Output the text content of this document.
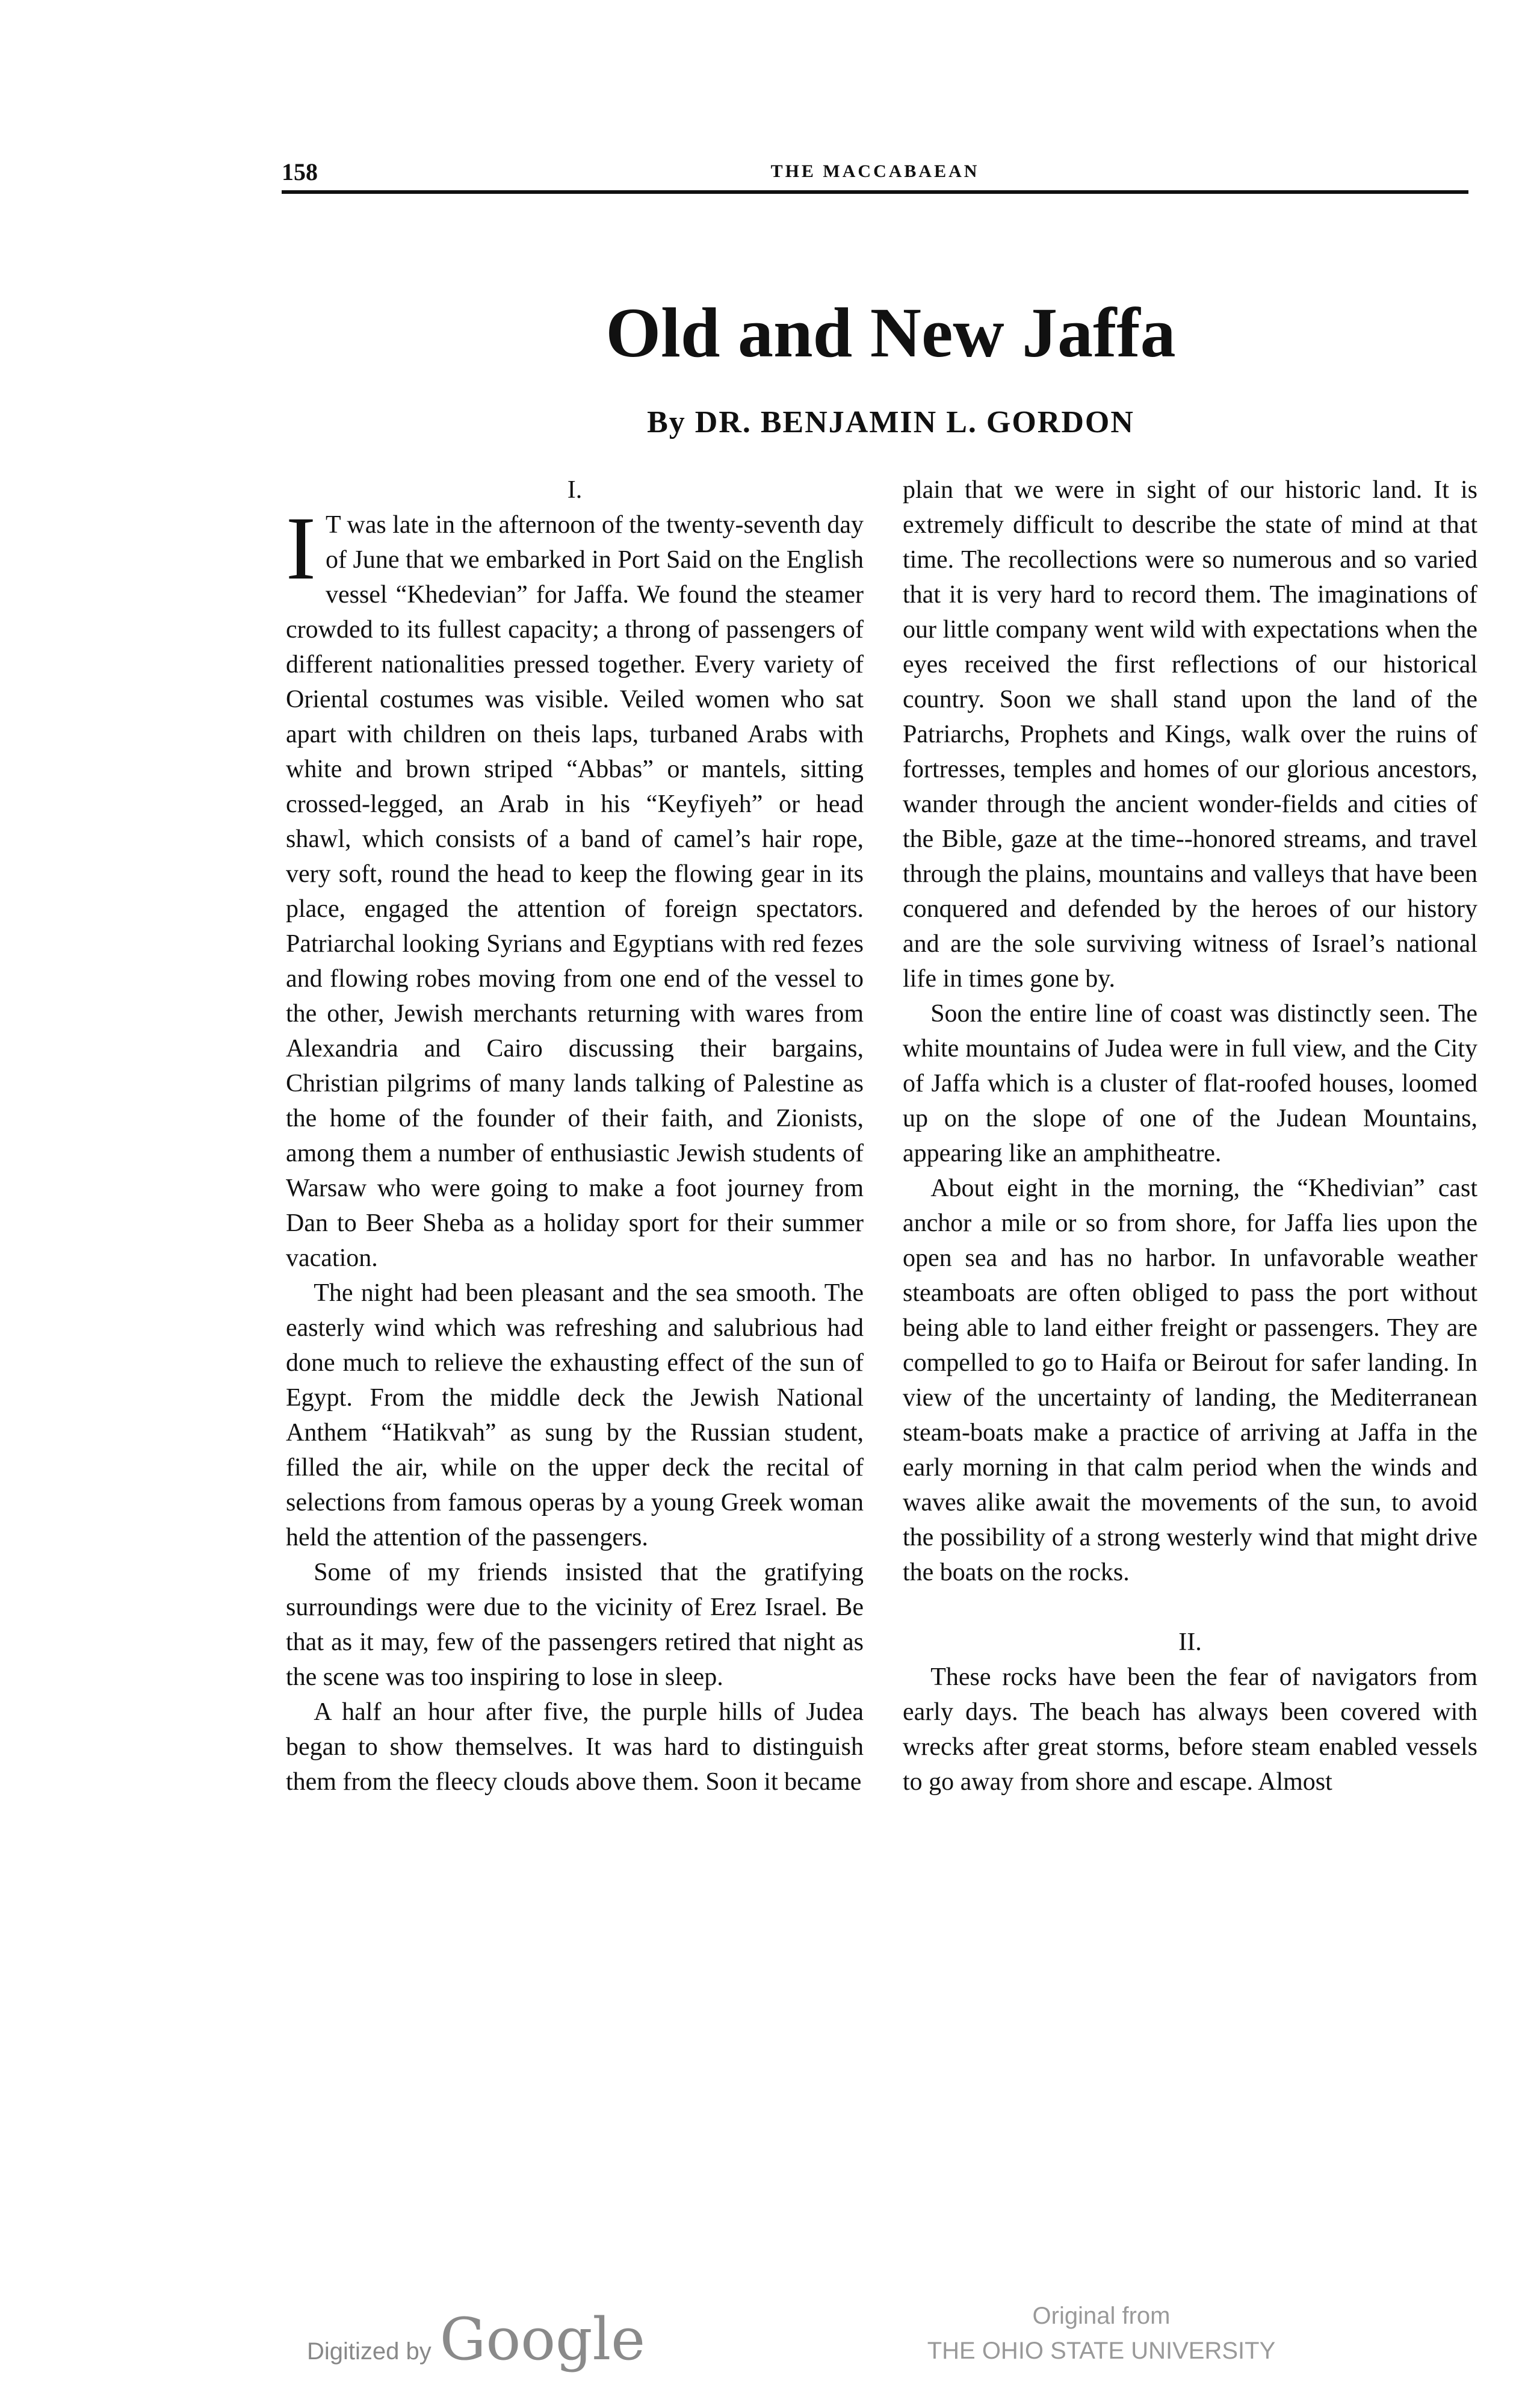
158	THE MACCABAEAN
Old and New Jaffa
By DR. BENJAMIN L. GORDON
I.

I T was late in the afternoon of the twenty-seventh day of June that we embarked in Port Said on the English vessel “Khedevian” for Jaffa. We found the steamer crowded to its fullest capacity; a throng of passengers of different nationalities pressed together. Every variety of Oriental costumes was visible. Veiled women who sat apart with children on theis laps, turbaned Arabs with white and brown striped “Abbas” or mantels, sitting crossed-legged, an Arab in his “Keyfiyeh” or head shawl, which consists of a band of camel’s hair rope, very soft, round the head to keep the flowing gear in its place, engaged the attention of foreign spectators. Patriarchal looking Syrians and Egyptians with red fezes and flowing robes moving from one end of the vessel to the other, Jewish merchants returning with wares from Alexandria and Cairo discussing their bargains, Christian pilgrims of many lands talking of Palestine as the home of the founder of their faith, and Zionists, among them a number of enthusiastic Jewish students of Warsaw who were going to make a foot journey from Dan to Beer Sheba as a holiday sport for their summer vacation.

The night had been pleasant and the sea smooth. The easterly wind which was refreshing and salubrious had done much to relieve the exhausting effect of the sun of Egypt. From the middle deck the Jewish National Anthem “Hatikvah” as sung by the Russian student, filled the air, while on the upper deck the recital of selections from famous operas by a young Greek woman held the attention of the passengers.

Some of my friends insisted that the gratifying surroundings were due to the vicinity of Erez Israel. Be that as it may, few of the passengers retired that night as the scene was too inspiring to lose in sleep.

A half an hour after five, the purple hills of Judea began to show themselves. It was hard to distinguish them from the fleecy clouds above them. Soon it became

plain that we were in sight of our historic land. It is extremely difficult to describe the state of mind at that time. The recollections were so numerous and so varied that it is very hard to record them. The imaginations of our little company went wild with expectations when the eyes received the first reflections of our historical country. Soon we shall stand upon the land of the Patriarchs, Prophets and Kings, walk over the ruins of fortresses, temples and homes of our glorious ancestors, wander through the ancient wonder-fields and cities of the Bible, gaze at the time--honored streams, and travel through the plains, mountains and valleys that have been conquered and defended by the heroes of our history and are the sole surviving witness of Israel’s national life in times gone by.

Soon the entire line of coast was distinctly seen. The white mountains of Judea were in full view, and the City of Jaffa which is a cluster of flat-roofed houses, loomed up on the slope of one of the Judean Mountains, appearing like an amphitheatre.

About eight in the morning, the “Khedivian” cast anchor a mile or so from shore, for Jaffa lies upon the open sea and has no harbor. In unfavorable weather steamboats are often obliged to pass the port without being able to land either freight or passengers. They are compelled to go to Haifa or Beirout for safer landing. In view of the uncertainty of landing, the Mediterranean steam-boats make a practice of arriving at Jaffa in the early morning in that calm period when the winds and waves alike await the movements of the sun, to avoid the possibility of a strong westerly wind that might drive the boats on the rocks.

II.

These rocks have been the fear of navigators from early days. The beach has always been covered with wrecks after great storms, before steam enabled vessels to go away from shore and escape. Almost

Digitized by Google	Original from
THE OHIO STATE UNIVERSITY
